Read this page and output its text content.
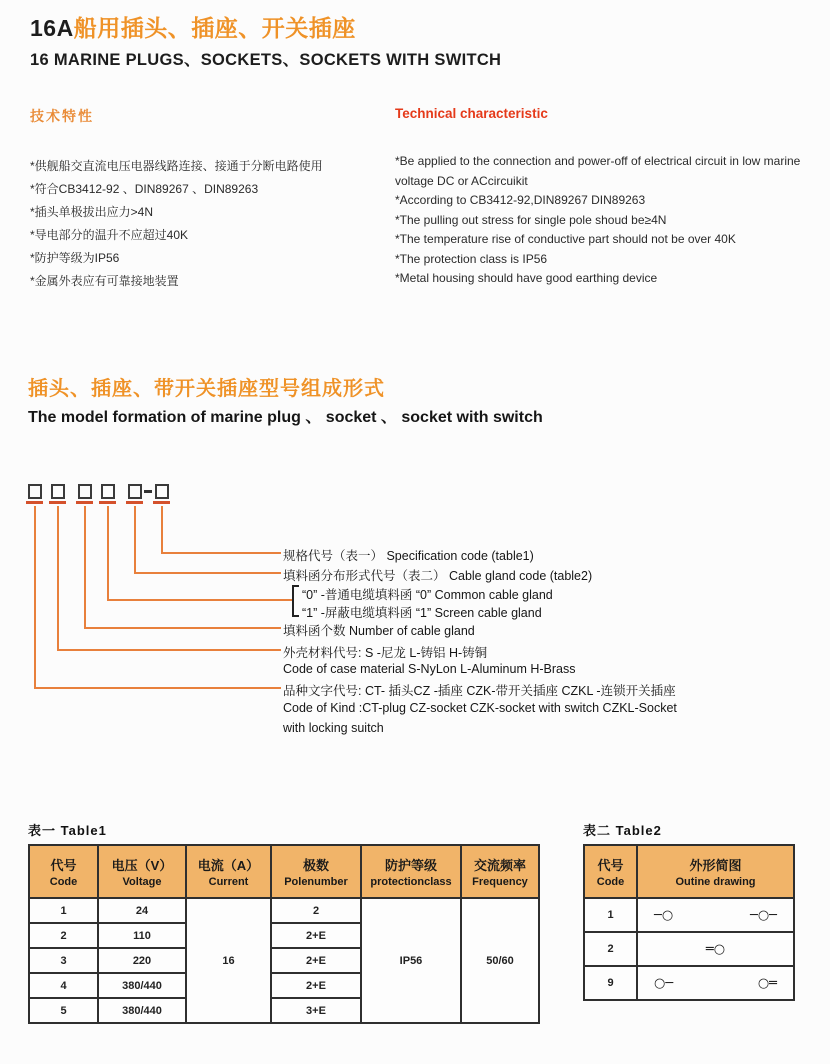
16A船用插头、插座、开关插座
16 MARINE PLUGS、SOCKETS、SOCKETS WITH SWITCH
技术特性
*供舰船交直流电压电器线路连接、接通于分断电路使用
*符合CB3412-92 、DIN89267 、DIN89263
*插头单极拔出应力>4N
*导电部分的温升不应超过40K
*防护等级为IP56
*金属外表应有可靠接地装置
Technical characteristic
*Be applied to the connection and power-off of electrical circuit in low marine voltage DC or ACcircuikit
*According to CB3412-92,DIN89267 DIN89263
*The pulling out stress for single pole shoud be≥4N
*The temperature rise of conductive part should not be over 40K
*The protection class is IP56
*Metal housing should have good earthing device
插头、插座、带开关插座型号组成形式
The model formation of marine plug 、 socket 、 socket with switch
规格代号（表一） Specification code (table1)
填料函分布形式代号（表二） Cable gland code (table2)
“0” -普通电缆填料函 “0” Common cable gland
“1” -屏蔽电缆填料函 “1” Screen cable gland
填料函个数 Number of cable gland
外壳材料代号: S -尼龙 L-铸铝 H-铸铜
Code of case material S-NyLon L-Aluminum H-Brass
品种文字代号: CT- 插头CZ -插座 CZK-带开关插座 CZKL -连锁开关插座
Code of Kind :CT-plug CZ-socket CZK-socket with switch CZKL-Socket
with locking suitch
表一 Table1
代号
Code

电压（V）
Voltage

电流（A）
Current

极数
Polenumber

防护等级
protectionclass

交流频率
Frequency

1	24	16	2	IP56	50/60
2	110		2+E		
3	220		2+E		
4	380/440		2+E		
5	380/440		3+E		
表二 Table2
代号
Code

外形简图
Outine drawing

1	─○ ─○─

2	═○

9	○─ ○═
